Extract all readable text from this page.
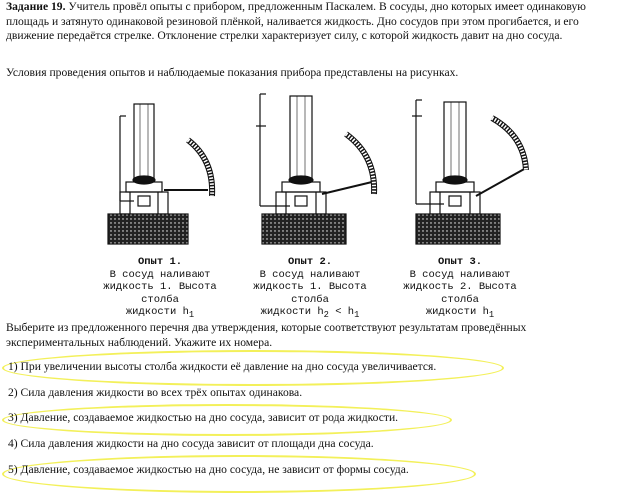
Задание 19. Учитель провёл опыты с прибором, предложенным Паскалем. В сосуды, дно которых имеет одинаковую площадь и затянуто одинаковой резиновой плёнкой, наливается жидкость. Дно сосудов при этом прогибается, и его движение передаётся стрелке. Отклонение стрелки характеризует силу, с которой жидкость давит на дно сосуда.

Условия проведения опытов и наблюдаемые показания прибора представлены на рисунках.

Опыт 1.
В сосуд наливают
жидкость 1. Высота столба
жидкости $h_1$
Опыт 2.
В сосуд наливают
жидкость 1. Высота столба
жидкости $h_2 < h_1$
Опыт 3.
В сосуд наливают
жидкость 2. Высота столба
жидкости $h_1$

Выберите из предложенного перечня два утверждения, которые соответствуют результатам проведённых экспериментальных наблюдений. Укажите их номера.

1) При увеличении высоты столба жидкости её давление на дно сосуда увеличивается.
2) Сила давления жидкости во всех трёх опытах одинакова.
3) Давление, создаваемое жидкостью на дно сосуда, зависит от рода жидкости.
4) Сила давления жидкости на дно сосуда зависит от площади дна сосуда.
5) Давление, создаваемое жидкостью на дно сосуда, не зависит от формы сосуда.
